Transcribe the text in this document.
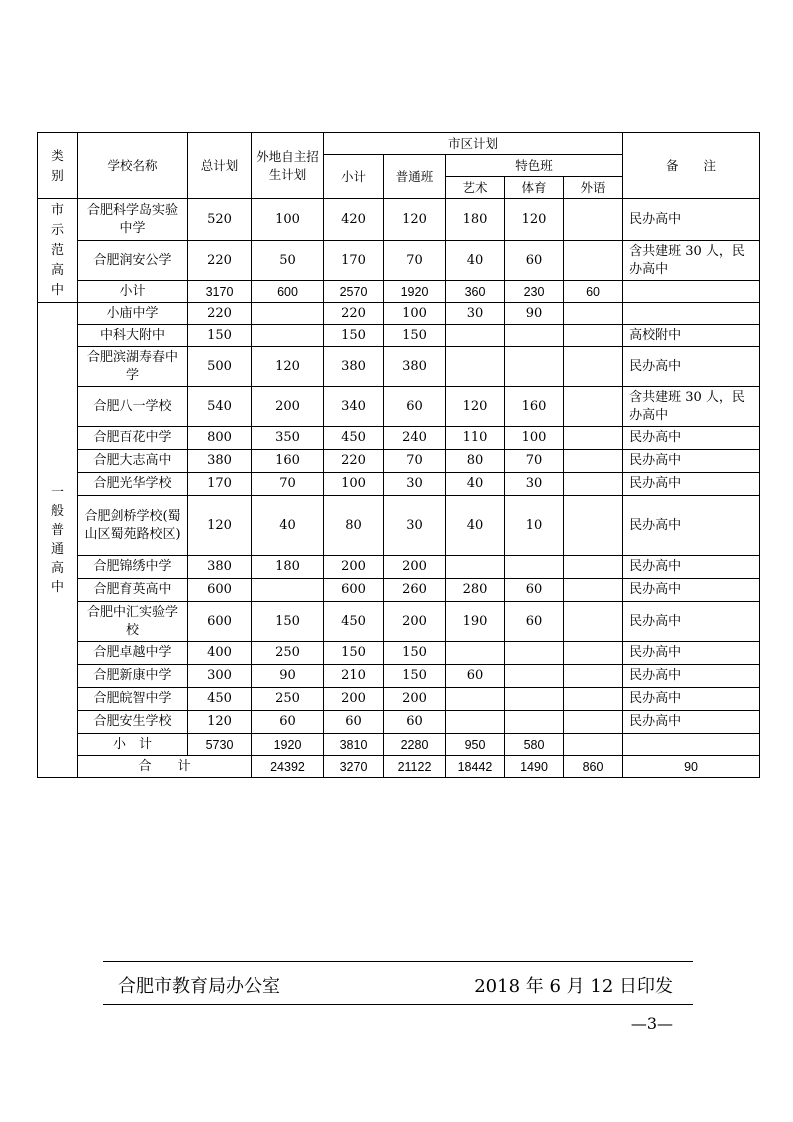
类别	学校名称	总计划	外地自主招生计划	市区计划					备　　注	
				小计	普通班	特色班				
						艺术	体育	外语		
市示范高中	合肥科学岛实验中学	520	100	420	120	180	120		民办高中	
	合肥润安公学	220	50	170	70	40	60		含共建班 30 人，民办高中	
	小计	3170	600	2570	1920	360	230	60		
一般普通高中	小庙中学	220		220	100	30	90			
	中科大附中	150		150	150				高校附中	
	合肥滨湖寿春中学	500	120	380	380				民办高中	
	合肥八一学校	540	200	340	60	120	160		含共建班 30 人，民办高中	
	合肥百花中学	800	350	450	240	110	100		民办高中	
	合肥大志高中	380	160	220	70	80	70		民办高中	
	合肥光华学校	170	70	100	30	40	30		民办高中	
	合肥剑桥学校(蜀山区蜀苑路校区)	120	40	80	30	40	10		民办高中	
	合肥锦绣中学	380	180	200	200				民办高中	
	合肥育英高中	600		600	260	280	60		民办高中	
	合肥中汇实验学校	600	150	450	200	190	60		民办高中	
	合肥卓越中学	400	250	150	150				民办高中	
	合肥新康中学	300	90	210	150	60			民办高中	
	合肥皖智中学	450	250	200	200				民办高中	
	合肥安生学校	120	60	60	60				民办高中	
	小　计	5730	1920	3810	2280	950	580			
	合　　计		24392	3270	21122	18442	1490	860	90	
合肥市教育局办公室	2018 年 6 月 12 日印发
—3—
